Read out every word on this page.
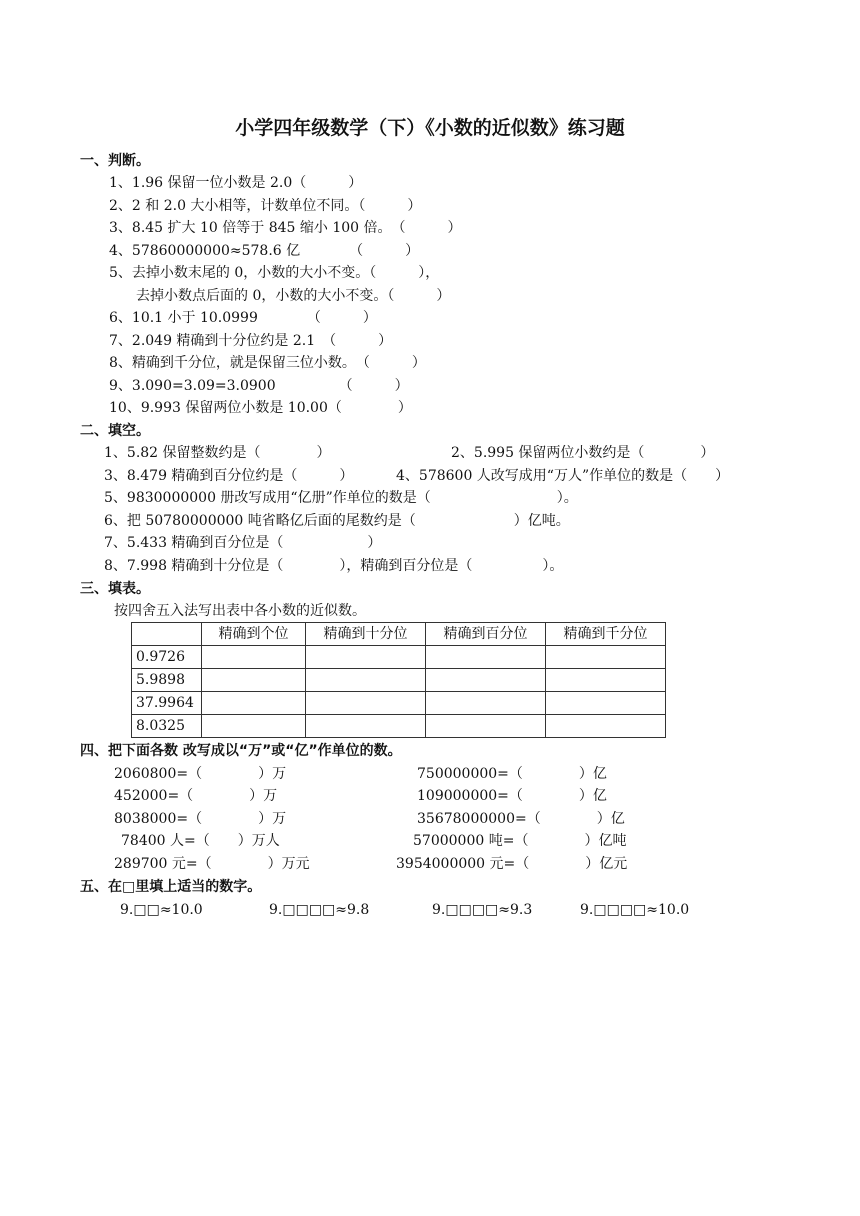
小学四年级数学（下）《小数的近似数》练习题
一、判断。
1、1.96 保留一位小数是 2.0（　　　）
2、2 和 2.0 大小相等，计数单位不同。（　　　）
3、8.45 扩大 10 倍等于 845 缩小 100 倍。　（　　　）
4、57860000000≈578.6 亿　　　　（　　　）
5、去掉小数末尾的 0，小数的大小不变。（　　　），
去掉小数点后面的 0，小数的大小不变。（　　　）
6、10.1 小于 10.0999　　　　（　　　）
7、2.049 精确到十分位约是 2.1　（　　　）
8、精确到千分位，就是保留三位小数。　（　　　）
9、3.090=3.09=3.0900　　　　　（　　　）
10、9.993 保留两位小数是 10.00（　　　　）
二、填空。
1、5.82 保留整数约是（　　　　）	2、5.995 保留两位小数约是（　　　　）
3、8.479 精确到百分位约是（　　　）	4、578600 人改写成用“万人”作单位的数是（　　）
5、9830000000 册改写成用“亿册”作单位的数是（　　　　　　　　　）。
6、把 50780000000 吨省略亿后面的尾数约是（　　　　　　　）亿吨。
7、5.433 精确到百分位是（　　　　　　）
8、7.998 精确到十分位是（　　　　），精确到百分位是（　　　　　）。
三、填表。
按四舍五入法写出表中各小数的近似数。
	精确到个位	精确到十分位	精确到百分位	精确到千分位
0.9726				
5.9898				
37.9964				
8.0325				
四、把下面各数 改写成以“万”或“亿”作单位的数。
2060800=（　　　　）万
452000=（　　　　）万
8038000=（　　　　）万
78400 人=（　　）万人
289700 元=（　　　　）万元
750000000=（　　　　）亿
109000000=（　　　　）亿
35678000000=（　　　　）亿
57000000 吨=（　　　　）亿吨
3954000000 元=（　　　　）亿元
五、在□里填上适当的数字。
9.□□≈10.0	9.□□□□≈9.8	9.□□□□≈9.3	9.□□□□≈10.0
